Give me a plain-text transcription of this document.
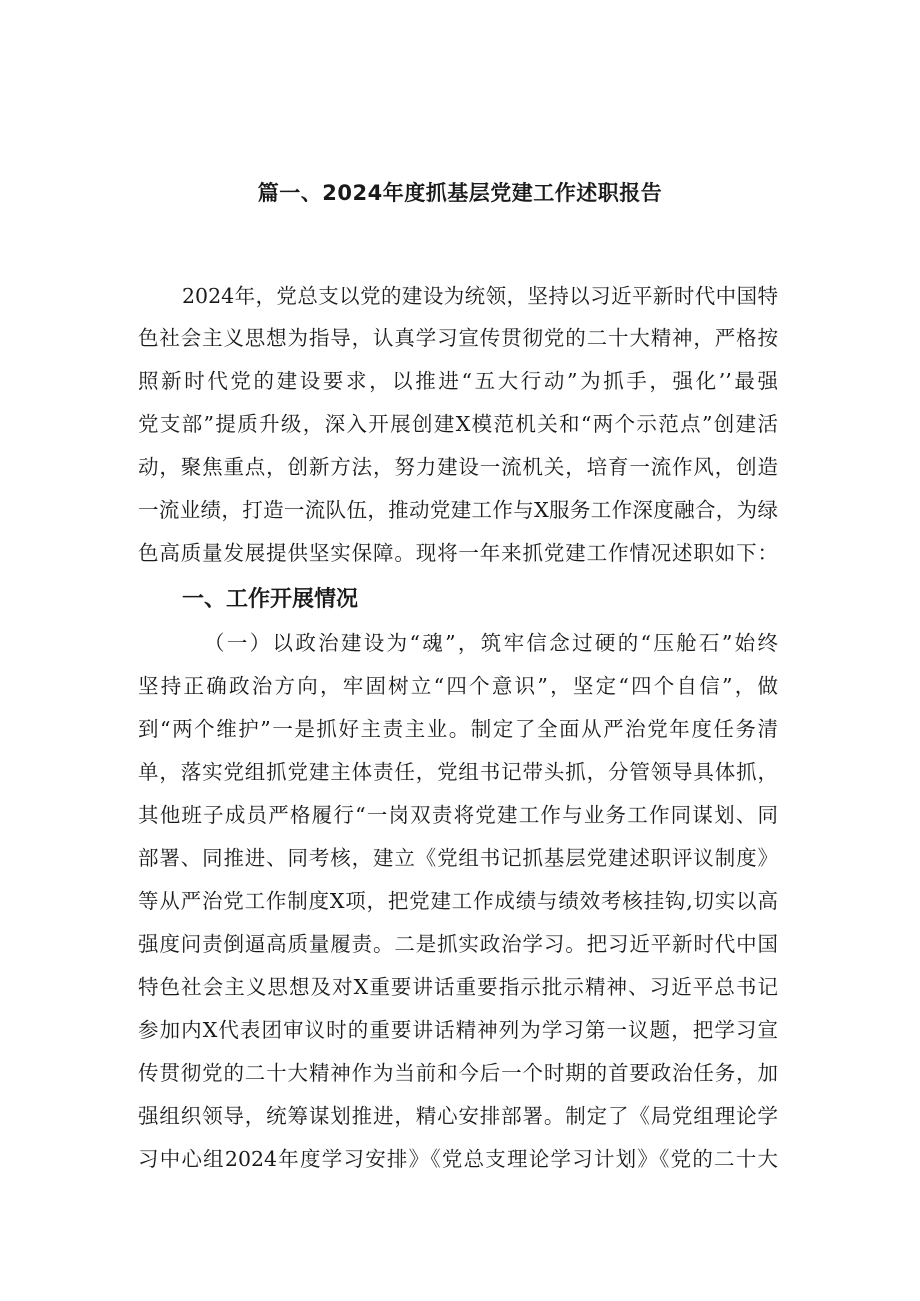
篇一、2024年度抓基层党建工作述职报告
2024年，党总支以党的建设为统领，坚持以习近平新时代中国特
色社会主义思想为指导，认真学习宣传贯彻党的二十大精神，严格按
照新时代党的建设要求，以推进“五大行动”为抓手，强化’’最强
党支部”提质升级，深入开展创建X模范机关和“两个示范点”创建活
动，聚焦重点，创新方法，努力建设一流机关，培育一流作风，创造
一流业绩，打造一流队伍，推动党建工作与X服务工作深度融合，为绿
色高质量发展提供坚实保障。现将一年来抓党建工作情况述职如下：
一、工作开展情况
（一）以政治建设为“魂”，筑牢信念过硬的“压舱石”始终
坚持正确政治方向，牢固树立“四个意识”，坚定“四个自信”，做
到“两个维护”一是抓好主责主业。制定了全面从严治党年度任务清
单，落实党组抓党建主体责任，党组书记带头抓，分管领导具体抓，
其他班子成员严格履行“一岗双责将党建工作与业务工作同谋划、同
部署、同推进、同考核，建立《党组书记抓基层党建述职评议制度》
等从严治党工作制度X项，把党建工作成绩与绩效考核挂钩,切实以高
强度问责倒逼高质量履责。二是抓实政治学习。把习近平新时代中国
特色社会主义思想及对X重要讲话重要指示批示精神、习近平总书记
参加内X代表团审议时的重要讲话精神列为学习第一议题，把学习宣
传贯彻党的二十大精神作为当前和今后一个时期的首要政治任务，加
强组织领导，统筹谋划推进，精心安排部署。制定了《局党组理论学
习中心组2024年度学习安排》《党总支理论学习计划》《党的二十大
